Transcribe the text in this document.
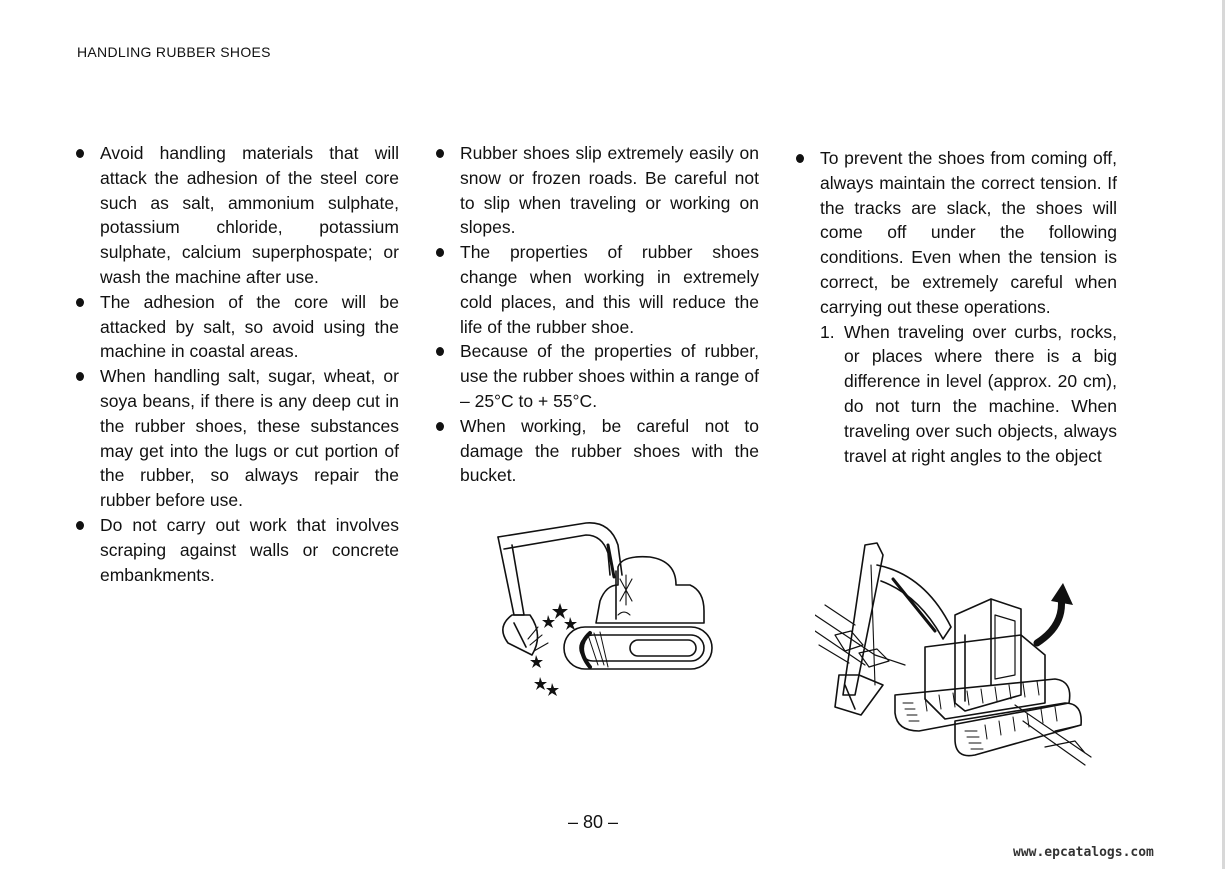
HANDLING RUBBER SHOES

Avoid handling materials that will attack the adhesion of the steel core such as salt, ammonium sulphate, potassium chloride, potassium sulphate, calcium superphospate; or wash the machine after use.

The adhesion of the core will be attacked by salt, so avoid using the machine in coastal areas.

When handling salt, sugar, wheat, or soya beans, if there is any deep cut in the rubber shoes, these substances may get into the lugs or cut portion of the rubber, so always repair the rubber before use.

Do not carry out work that involves scraping against walls or concrete embankments.

Rubber shoes slip extremely easily on snow or frozen roads. Be careful not to slip when traveling or working on slopes.

The properties of rubber shoes change when working in extremely cold places, and this will reduce the life of the rubber shoe.

Because of the properties of rubber, use the rubber shoes within a range of – 25°C to + 55°C.

When working, be careful not to damage the rubber shoes with the bucket.

To prevent the shoes from coming off, always maintain the correct tension. If the tracks are slack, the shoes will come off under the following conditions. Even when the tension is correct, be extremely careful when carrying out these operations.

1. When traveling over curbs, rocks, or places where there is a big difference in level (approx. 20 cm), do not turn the machine. When traveling over such objects, always travel at right angles to the object

– 80 –
www.epcatalogs.com
